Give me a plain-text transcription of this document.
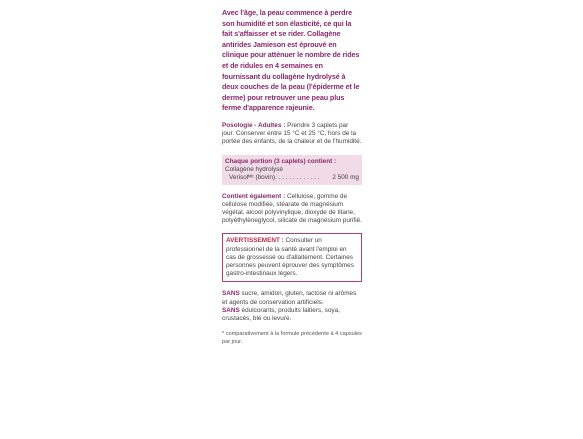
Avec l'âge, la peau commence à perdre son humidité et son élasticité, ce qui la fait s'affaisser et se rider. Collagène antirides Jamieson est éprouvé en clinique pour atténuer le nombre de rides et de ridules en 4 semaines en fournissant du collagène hydrolysé à deux couches de la peau (l'épiderme et le derme) pour retrouver une peau plus ferme d'apparence rajeunie.

Posologie - Adultes : Prendre 3 caplets par jour. Conserver entre 15 °C et 25 °C, hors de la portée des enfants, de la chaleur et de l'humidité.

Chaque portion (3 caplets) contient :
Collagène hydrolysé
Verisolᴹᶜ (bovin) . . . . . . . . . . . . .	2 500 mg

Contient également : Cellulose, gomme de cellulose modifiée, stéarate de magnésium végétal, alcool polyvinylique, dioxyde de titane, polyéthylèneglycol, silicate de magnésium purifié.

AVERTISSEMENT : Consulter un professionnel de la santé avant l'emploi en cas de grossesse ou d'allaitement. Certaines personnes peuvent éprouver des symptômes gastro-intestinaux légers.

SANS sucre, amidon, gluten, lactose ni arômes et agents de conservation artificiels.
SANS édulcorants, produits laitiers, soya, crustacés, blé ou levure.

* comparativement à la formule précédente à 4 capsules par jour.
